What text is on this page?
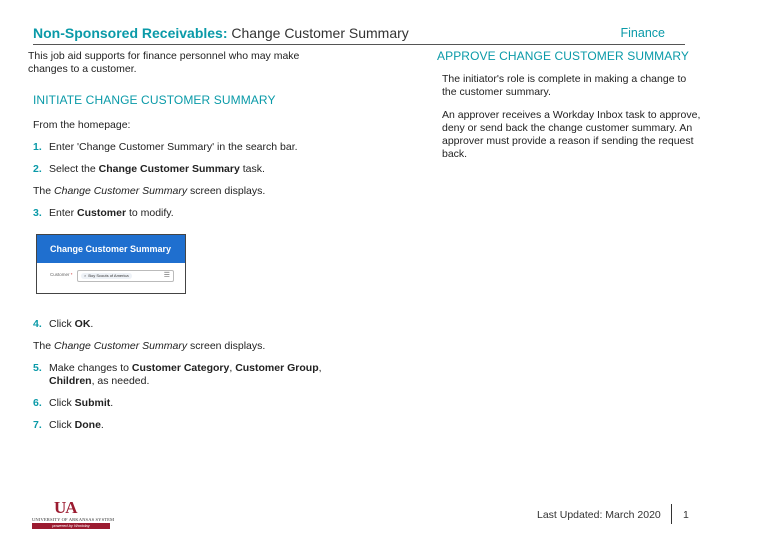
Non-Sponsored Receivables: Change Customer Summary	Finance

This job aid supports for finance personnel who may make changes to a customer.

INITIATE CHANGE CUSTOMER SUMMARY
From the homepage:
1. Enter 'Change Customer Summary' in the search bar.
2. Select the Change Customer Summary task.
The Change Customer Summary screen displays.
3. Enter Customer to modify.
Change Customer Summary
Customer *	× Boy Scouts of America	☰
4. Click OK.
The Change Customer Summary screen displays.
5. Make changes to Customer Category, Customer Group,
Children, as needed.
6. Click Submit.
7. Click Done.
APPROVE CHANGE CUSTOMER SUMMARY
The initiator's role is complete in making a change to the customer summary.
An approver receives a Workday Inbox task to approve, deny or send back the change customer summary. An approver must provide a reason if sending the request back.
UA
UNIVERSITY OF ARKANSAS SYSTEM
powered by Workday
Last Updated: March 2020 1
